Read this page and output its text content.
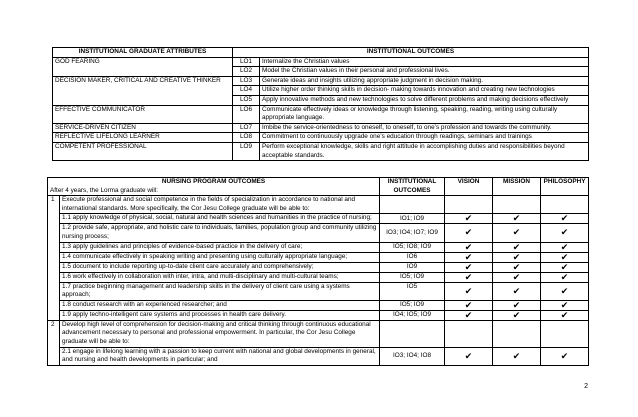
INSTITUTIONAL GRADUATE ATTRIBUTES	INSTITUTIONAL OUTCOMES	
GOD FEARING	LO1	Internalize the Christian values
	LO2	Model the Christian values in their personal and professional lives.
DECISION MAKER, CRITICAL AND CREATIVE THINKER	LO3	Generate ideas and insights utilizing appropriate judgment in decision making.
	LO4	Utilize higher order thinking skills in decision- making towards innovation and creating new technologies
	LO5	Apply innovative methods and new technologies to solve different problems and making decisions effectively
EFFECTIVE COMMUNICATOR	LO6	Communicate effectively ideas or knowledge through listening, speaking, reading, writing using culturally appropriate language.
SERVICE-DRIVEN CITIZEN	LO7	Imbibe the service-orientedness to oneself, to oneself, to one’s profession and towards the community.
REFLECTIVE LIFELONG LEARNER	LO8	Commitment to continuously upgrade one’s education through readings, seminars and trainings
COMPETENT PROFESSIONAL	LO9	Perform exceptional knowledge, skills and right attitude in accomplishing duties and responsibilities beyond acceptable standards.
NURSING PROGRAM OUTCOMES
After 4 years, the Lorma graduate will:		INSTITUTIONAL OUTCOMES	VISION	MISSION	PHILOSOPHY
1	Execute professional and social competence in the fields of specialization in accordance to national and international standards. More specifically, the Cor Jesu College graduate will be able to:				
	1.1 apply knowledge of physical, social, natural and health sciences and humanities in the practice of nursing;	IO1; IO9	✔	✔	✔
	1.2 provide safe, appropriate, and holistic care to individuals, families, population group and community utilizing nursing process;	IO3; IO4; IO7; IO9	✔	✔	✔
	1.3 apply guidelines and principles of evidence-based practice in the delivery of care;	IO5; IO8; IO9	✔	✔	✔
	1.4 communicate effectively in speaking writing and presenting using culturally appropriate language;	IO6	✔	✔	✔
	1.5 document to include reporting up-to-date client care accurately and comprehensively;	IO9	✔	✔	✔
	1.6 work effectively in collaboration with inter, intra, and multi-disciplinary and multi-cultural teams;	IO5; IO9	✔	✔	✔
	1.7 practice beginning management and leadership skills in the delivery of client care using a systems approach;	IO5	✔	✔	✔
	1.8 conduct research with an experienced researcher; and	IO5; IO9	✔	✔	✔
	1.9 apply techno-intelligent care systems and processes in health care delivery.	IO4; IO5; IO9	✔	✔	✔
2	Develop high level of comprehension for decision-making and critical thinking through continuous educational advancement necessary to personal and professional empowerment. In particular, the Cor Jesu College graduate will be able to:				
	2.1 engage in lifelong learning with a passion to keep current with national and global developments in general, and nursing and health developments in particular; and	IO3; IO4; IO8	✔	✔	✔
2
